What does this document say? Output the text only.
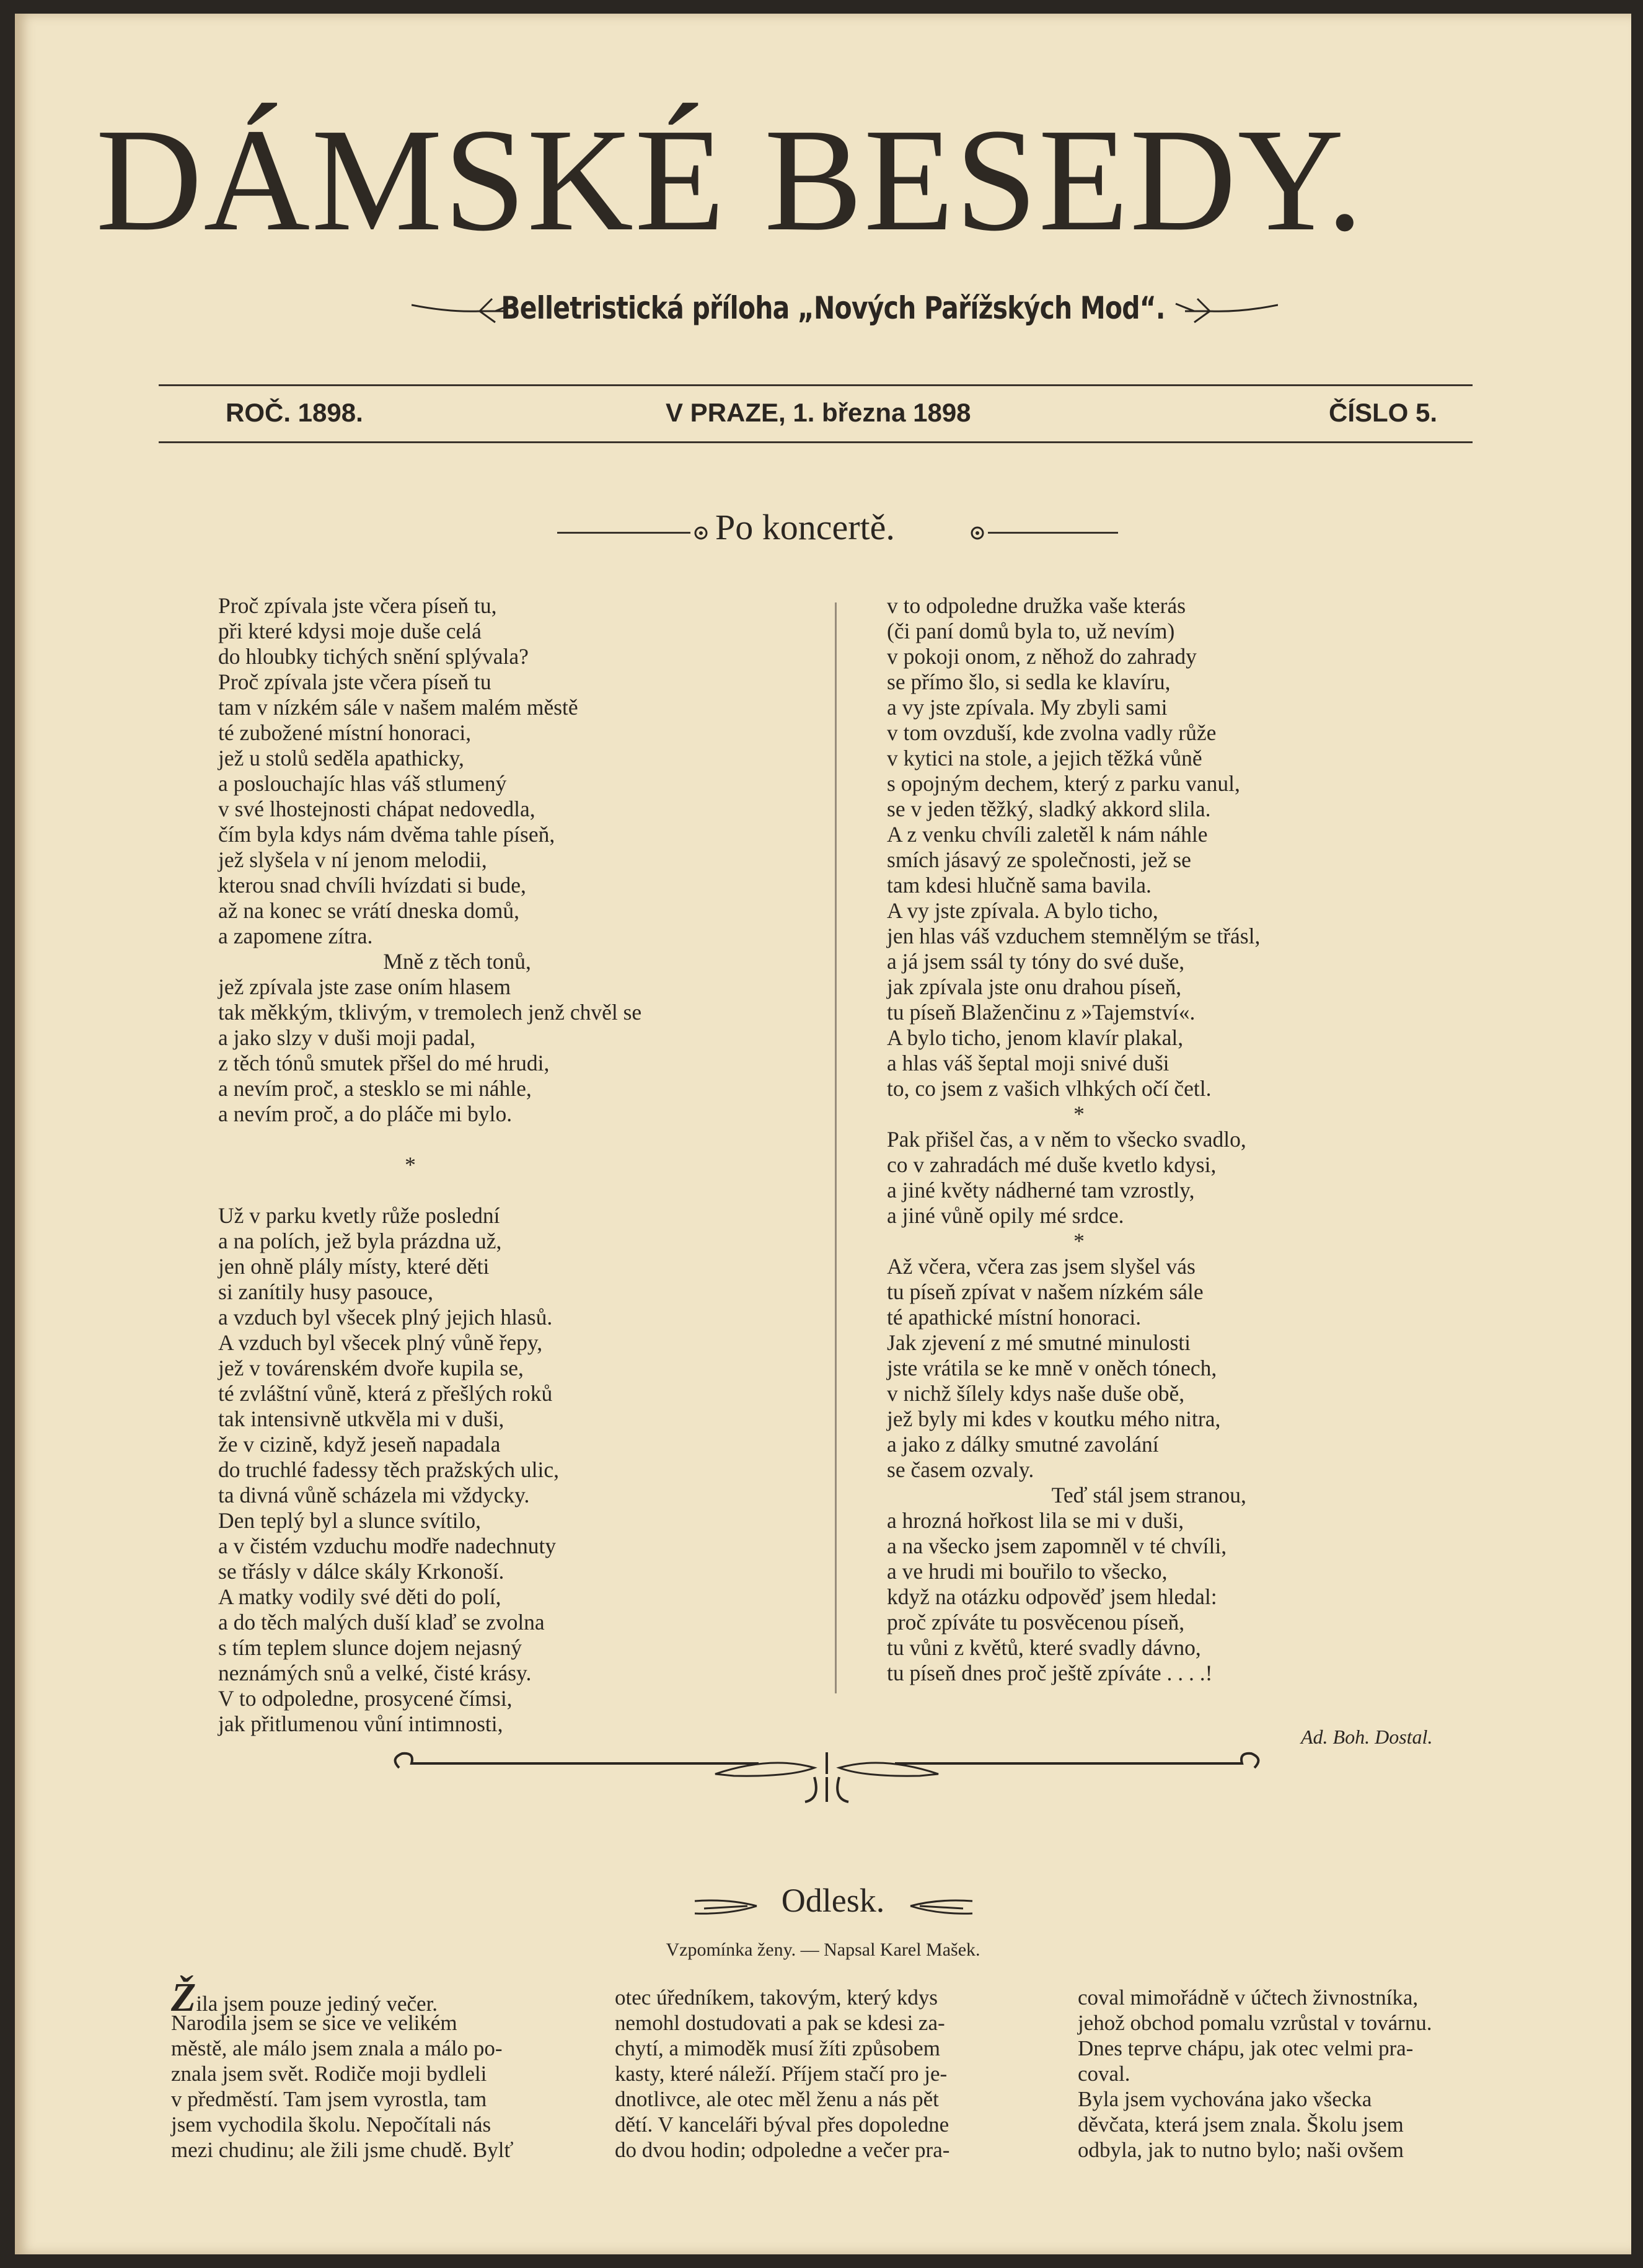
DÁMSKÉ BESEDY.
Belletristická příloha „Nových Pařížských Mod“.
ROČ. 1898.	V PRAZE, 1. března 1898	ČÍSLO 5.
Po koncertě.
Proč zpívala jste včera píseň tu,
při které kdysi moje duše celá
do hloubky tichých snění splývala?
Proč zpívala jste včera píseň tu
tam v nízkém sále v našem malém městě
té zubožené místní honoraci,
jež u stolů seděla apathicky,
a poslouchajíc hlas váš stlumený
v své lhostejnosti chápat nedovedla,
čím byla kdys nám dvěma tahle píseň,
jež slyšela v ní jenom melodii,
kterou snad chvíli hvízdati si bude,
až na konec se vrátí dneska domů,
a zapomene zítra.
Mně z těch tonů,
jež zpívala jste zase oním hlasem
tak měkkým, tklivým, v tremolech jenž chvěl se
a jako slzy v duši moji padal,
z těch tónů smutek přšel do mé hrudi,
a nevím proč, a stesklo se mi náhle,
a nevím proč, a do pláče mi bylo.
*
Už v parku kvetly růže poslední
a na polích, jež byla prázdna už,
jen ohně plály místy, které děti
si zanítily husy pasouce,
a vzduch byl všecek plný jejich hlasů.
A vzduch byl všecek plný vůně řepy,
jež v továrenském dvoře kupila se,
té zvláštní vůně, která z přešlých roků
tak intensivně utkvěla mi v duši,
že v cizině, když jeseň napadala
do truchlé fadessy těch pražských ulic,
ta divná vůně scházela mi vždycky.
Den teplý byl a slunce svítilo,
a v čistém vzduchu modře nadechnuty
se třásly v dálce skály Krkonoší.
A matky vodily své děti do polí,
a do těch malých duší klaď se zvolna
s tím teplem slunce dojem nejasný
neznámých snů a velké, čisté krásy.
V to odpoledne, prosycené čímsi,
jak přitlumenou vůní intimnosti,
v to odpoledne družka vaše kterás
(či paní domů byla to, už nevím)
v pokoji onom, z něhož do zahrady
se přímo šlo, si sedla ke klavíru,
a vy jste zpívala. My zbyli sami
v tom ovzduší, kde zvolna vadly růže
v kytici na stole, a jejich těžká vůně
s opojným dechem, který z parku vanul,
se v jeden těžký, sladký akkord slila.
A z venku chvíli zaletěl k nám náhle
smích jásavý ze společnosti, jež se
tam kdesi hlučně sama bavila.
A vy jste zpívala. A bylo ticho,
jen hlas váš vzduchem stemnělým se třásl,
a já jsem ssál ty tóny do své duše,
jak zpívala jste onu drahou píseň,
tu píseň Blaženčinu z »Tajemství«.
A bylo ticho, jenom klavír plakal,
a hlas váš šeptal moji snivé duši
to, co jsem z vašich vlhkých očí četl.
*
Pak přišel čas, a v něm to všecko svadlo,
co v zahradách mé duše kvetlo kdysi,
a jiné květy nádherné tam vzrostly,
a jiné vůně opily mé srdce.
*
Až včera, včera zas jsem slyšel vás
tu píseň zpívat v našem nízkém sále
té apathické místní honoraci.
Jak zjevení z mé smutné minulosti
jste vrátila se ke mně v oněch tónech,
v nichž šílely kdys naše duše obě,
jež byly mi kdes v koutku mého nitra,
a jako z dálky smutné zavolání
se časem ozvaly.
Teď stál jsem stranou,
a hrozná hořkost lila se mi v duši,
a na všecko jsem zapomněl v té chvíli,
a ve hrudi mi bouřilo to všecko,
když na otázku odpověď jsem hledal:
proč zpíváte tu posvěcenou píseň,
tu vůni z květů, které svadly dávno,
tu píseň dnes proč ještě zpíváte . . . .!
Ad. Boh. Dostal.
Odlesk.
Vzpomínka ženy. — Napsal Karel Mašek.
Žila jsem pouze jediný večer.
Narodila jsem se sice ve velikém
městě, ale málo jsem znala a málo po-
znala jsem svět. Rodiče moji bydleli
v předměstí. Tam jsem vyrostla, tam
jsem vychodila školu. Nepočítali nás
mezi chudinu; ale žili jsme chudě. Bylť
otec úředníkem, takovým, který kdys
nemohl dostudovati a pak se kdesi za-
chytí, a mimoděk musí žíti způsobem
kasty, které náleží. Příjem stačí pro je-
dnotlivce, ale otec měl ženu a nás pět
dětí. V kanceláři býval přes dopoledne
do dvou hodin; odpoledne a večer pra-
coval mimořádně v účtech živnostníka,
jehož obchod pomalu vzrůstal v továrnu.
Dnes teprve chápu, jak otec velmi pra-
coval.
Byla jsem vychována jako všecka
děvčata, která jsem znala. Školu jsem
odbyla, jak to nutno bylo; naši ovšem
